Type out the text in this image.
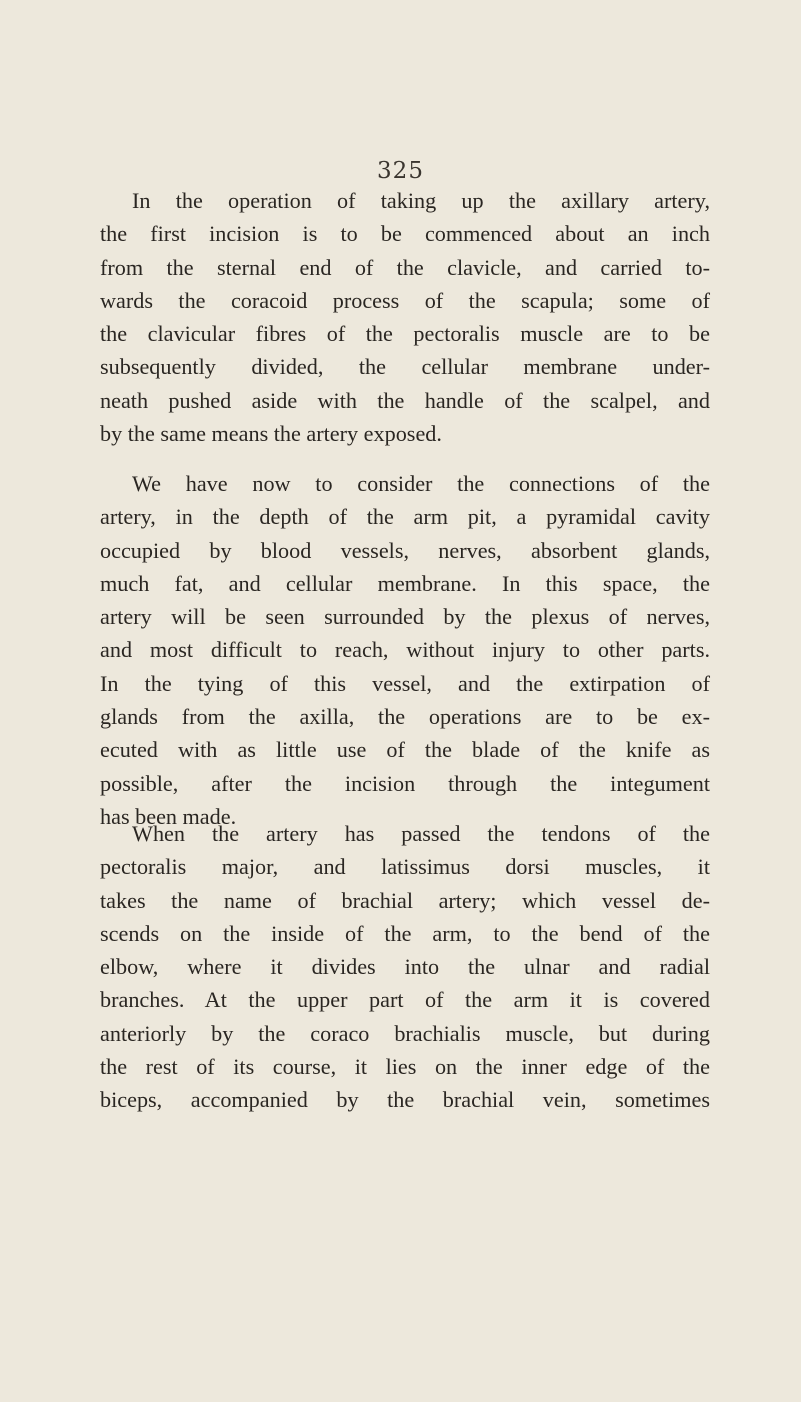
325
In the operation of taking up the axillary artery,
the first incision is to be commenced about an inch
from the sternal end of the clavicle, and carried to-
wards the coracoid process of the scapula; some of
the clavicular fibres of the pectoralis muscle are to be
subsequently divided, the cellular membrane under-
neath pushed aside with the handle of the scalpel, and
by the same means the artery exposed.
We have now to consider the connections of the
artery, in the depth of the arm pit, a pyramidal cavity
occupied by blood vessels, nerves, absorbent glands,
much fat, and cellular membrane. In this space, the
artery will be seen surrounded by the plexus of nerves,
and most difficult to reach, without injury to other parts.
In the tying of this vessel, and the extirpation of
glands from the axilla, the operations are to be ex-
ecuted with as little use of the blade of the knife as
possible, after the incision through the integument
has been made.
When the artery has passed the tendons of the
pectoralis major, and latissimus dorsi muscles, it
takes the name of brachial artery; which vessel de-
scends on the inside of the arm, to the bend of the
elbow, where it divides into the ulnar and radial
branches. At the upper part of the arm it is covered
anteriorly by the coraco brachialis muscle, but during
the rest of its course, it lies on the inner edge of the
biceps, accompanied by the brachial vein, sometimes
